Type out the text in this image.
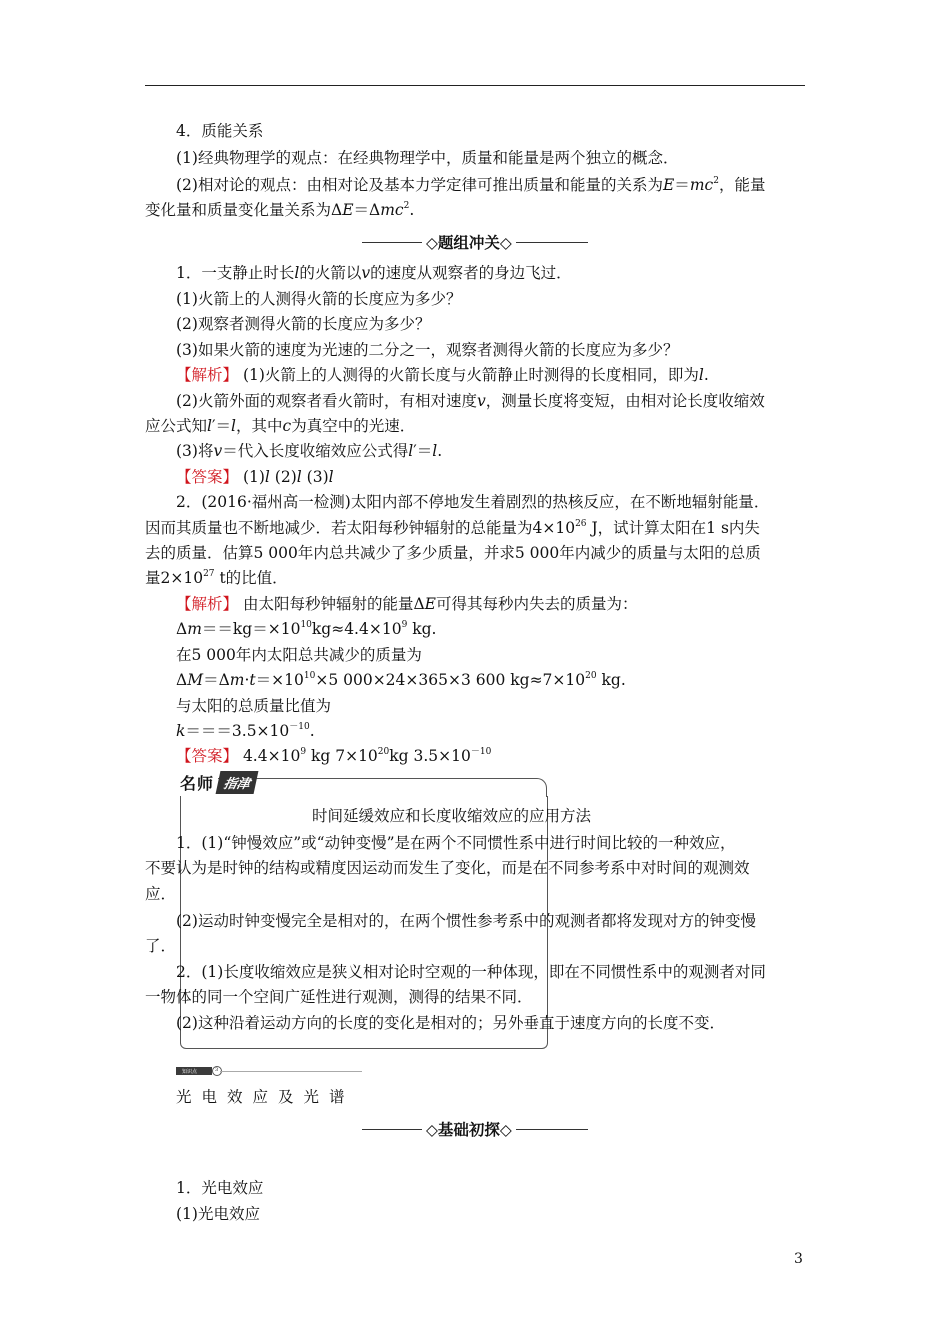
4．质能关系
(1)经典物理学的观点：在经典物理学中，质量和能量是两个独立的概念．
(2)相对论的观点：由相对论及基本力学定律可推出质量和能量的关系为$E=mc^2$，能量
变化量和质量变化量关系为ΔE＝Δmc$^2$.
◇题组冲关◇
1．一支静止时长l的火箭以v的速度从观察者的身边飞过．
(1)火箭上的人测得火箭的长度应为多少？
(2)观察者测得火箭的长度应为多少？
(3)如果火箭的速度为光速的二分之一，观察者测得火箭的长度应为多少？
【解析】 (1)火箭上的人测得的火箭长度与火箭静止时测得的长度相同，即为l.
(2)火箭外面的观察者看火箭时，有相对速度v，测量长度将变短，由相对论长度收缩效
应公式知l′＝l，其中c为真空中的光速．
(3)将v＝代入长度收缩效应公式得l′＝l.
【答案】 (1)l (2)l (3)l
2．(2016·福州高一检测)太阳内部不停地发生着剧烈的热核反应，在不断地辐射能量．
因而其质量也不断地减少．若太阳每秒钟辐射的总能量为$4\times 10^{26}$ J，试计算太阳在1 s内失
去的质量．估算5 000年内总共减少了多少质量，并求5 000年内减少的质量与太阳的总质
量$2\times 10^{27}$ t的比值．
【解析】 由太阳每秒钟辐射的能量ΔE可得其每秒内失去的质量为：
$\Delta m==kg=\times 10^{10}kg\approx 4.4\times 10^9$ kg.
在5 000年内太阳总共减少的质量为
$\Delta M=\Delta m\cdot t=\times 10^{10}\times 5$ 000×24×365×3 600 $kg\approx 7\times 10^{20}$ kg.
与太阳的总质量比值为
$k===3.5\times 10^{-10}$.
【答案】 $4.4\times 10^9$ kg $7\times 10^{20}kg$ $3.5\times 10^{-10}$
名师 指津
时间延缓效应和长度收缩效应的应用方法
1．(1)“钟慢效应”或“动钟变慢”是在两个不同惯性系中进行时间比较的一种效应，
不要认为是时钟的结构或精度因运动而发生了变化，而是在不同参考系中对时间的观测效
应．
(2)运动时钟变慢完全是相对的，在两个惯性参考系中的观测者都将发现对方的钟变慢
了．
2．(1)长度收缩效应是狭义相对论时空观的一种体现，即在不同惯性系中的观测者对同
一物体的同一个空间广延性进行观测，测得的结果不同．
(2)这种沿着运动方向的长度的变化是相对的；另外垂直于速度方向的长度不变．
知识点	3
光电效应及光谱
◇基础初探◇
1．光电效应
(1)光电效应
3
